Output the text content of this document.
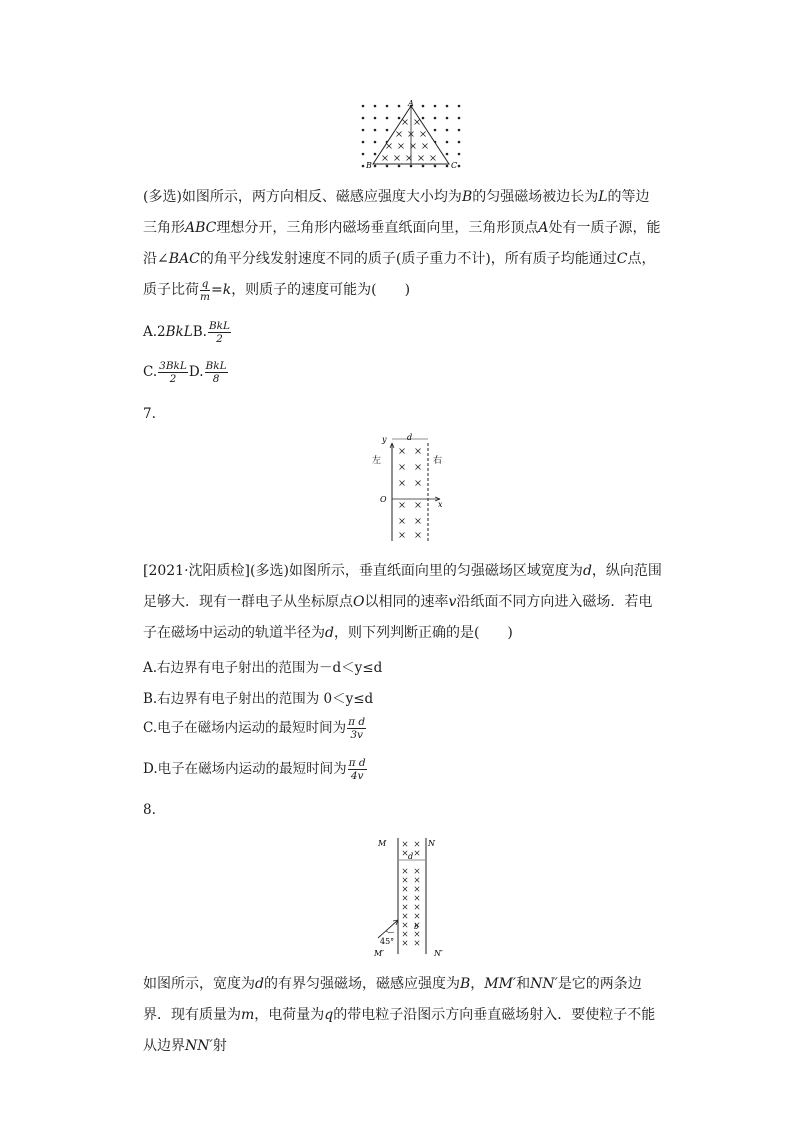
A
B	C

(多选)如图所示，两方向相反、磁感应强度大小均为B的匀强磁场被边长为L的等边三角形ABC理想分开，三角形内磁场垂直纸面向里，三角形顶点A处有一质子源，能沿∠BAC的角平分线发射速度不同的质子(质子重力不计)，所有质子均能通过C点，质子比荷 $\frac{q}{m} =k$，则质子的速度可能为(　　)

A.2BkLB. $\frac{\text{BkL}}{2}$
C. $\frac{\text{3BkL}}{2} D$. $\frac{\text{BkL}}{8}$
7.
y	d
左	右
O
x

[2021·沈阳质检](多选)如图所示，垂直纸面向里的匀强磁场区域宽度为d，纵向范围足够大．现有一群电子从坐标原点O以相同的速率v沿纸面不同方向进入磁场．若电子在磁场中运动的轨道半径为d，则下列判断正确的是(　　)

A.右边界有电子射出的范围为－d＜y≤d
B.右边界有电子射出的范围为 0＜y≤d
C.电子在磁场内运动的最短时间为 $\frac{\text{π d}}{3v}$
D.电子在磁场内运动的最短时间为 $\frac{\text{π d}}{4v}$
8.
M	N
d
45°
b
M′	N′

如图所示，宽度为d的有界匀强磁场，磁感应强度为B，MM′和NN′是它的两条边界．现有质量为m，电荷量为q的带电粒子沿图示方向垂直磁场射入．要使粒子不能从边界NN′射
